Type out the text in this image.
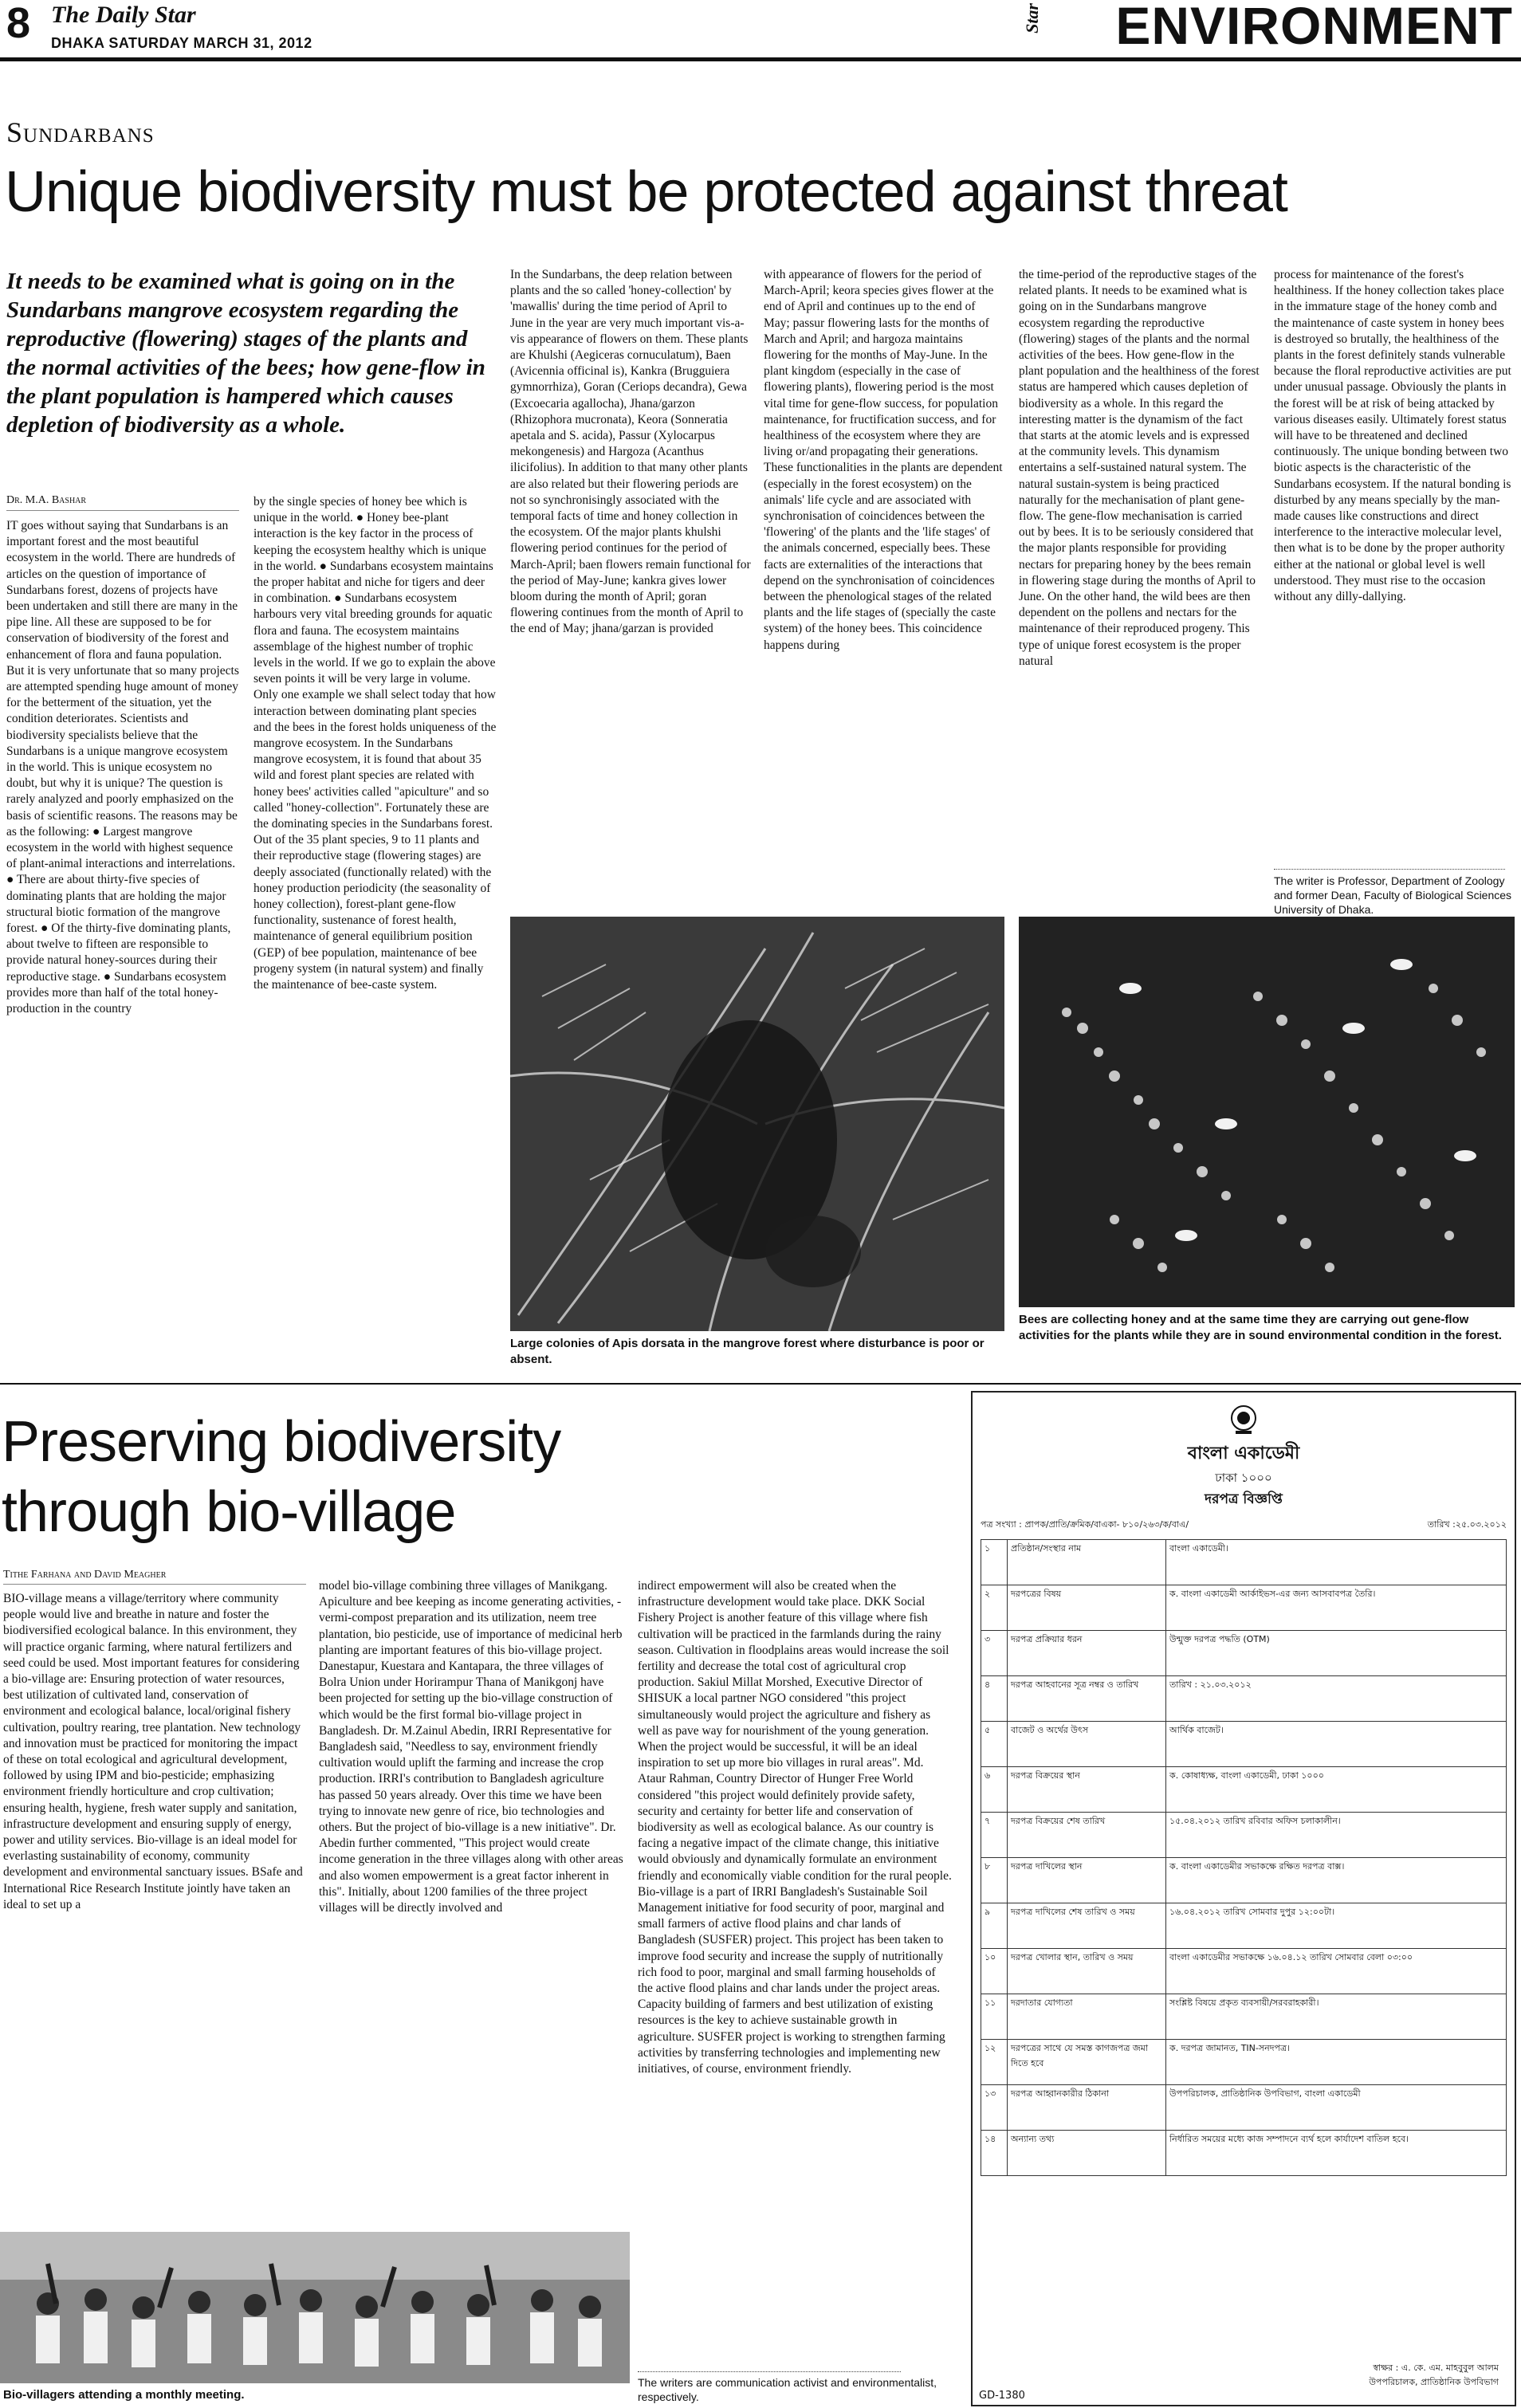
8 The Daily Star
DHAKA SATURDAY MARCH 31, 2012
Star ENVIRONMENT
Sundarbans
Unique biodiversity must be protected against threat
It needs to be examined what is going on in the Sundarbans mangrove ecosystem regarding the reproductive (flowering) stages of the plants and the normal activities of the bees; how gene-flow in the plant population is hampered which causes depletion of biodiversity as a whole.
Dr. M.A. Bashar
IT goes without saying that Sundarbans is an important forest and the most beautiful ecosystem in the world. There are hundreds of articles on the question of importance of Sundarbans forest, dozens of projects have been undertaken and still there are many in the pipe line. All these are supposed to be for conservation of biodiversity of the forest and enhancement of flora and fauna population. But it is very unfortunate that so many projects are attempted spending huge amount of money for the betterment of the situation, yet the condition deteriorates. Scientists and biodiversity specialists believe that the Sundarbans is a unique mangrove ecosystem in the world. This is unique ecosystem no doubt, but why it is unique? The question is rarely analyzed and poorly emphasized on the basis of scientific reasons. The reasons may be as the following: ● Largest mangrove ecosystem in the world with highest sequence of plant-animal interactions and interrelations. ● There are about thirty-five species of dominating plants that are holding the major structural biotic formation of the mangrove forest. ● Of the thirty-five dominating plants, about twelve to fifteen are responsible to provide natural honey-sources during their reproductive stage. ● Sundarbans ecosystem provides more than half of the total honey-production in the country
by the single species of honey bee which is unique in the world. ● Honey bee-plant interaction is the key factor in the process of keeping the ecosystem healthy which is unique in the world. ● Sundarbans ecosystem maintains the proper habitat and niche for tigers and deer in combination. ● Sundarbans ecosystem harbours very vital breeding grounds for aquatic flora and fauna. The ecosystem maintains assemblage of the highest number of trophic levels in the world. If we go to explain the above seven points it will be very large in volume. Only one example we shall select today that how interaction between dominating plant species and the bees in the forest holds uniqueness of the mangrove ecosystem. In the Sundarbans mangrove ecosystem, it is found that about 35 wild and forest plant species are related with honey bees' activities called "apiculture" and so called "honey-collection". Fortunately these are the dominating species in the Sundarbans forest. Out of the 35 plant species, 9 to 11 plants and their reproductive stage (flowering stages) are deeply associated (functionally related) with the honey production periodicity (the seasonality of honey collection), forest-plant gene-flow functionality, sustenance of forest health, maintenance of general equilibrium position (GEP) of bee population, maintenance of bee progeny system (in natural system) and finally the maintenance of bee-caste system.
In the Sundarbans, the deep relation between plants and the so called 'honey-collection' by 'mawallis' during the time period of April to June in the year are very much important vis-a-vis appearance of flowers on them. These plants are Khulshi (Aegiceras cornuculatum), Baen (Avicennia officinal is), Kankra (Brugguiera gymnorrhiza), Goran (Ceriops decandra), Gewa (Excoecaria agallocha), Jhana/garzon (Rhizophora mucronata), Keora (Sonneratia apetala and S. acida), Passur (Xylocarpus mekongenesis) and Hargoza (Acanthus ilicifolius). In addition to that many other plants are also related but their flowering periods are not so synchronisingly associated with the temporal facts of time and honey collection in the ecosystem. Of the major plants khulshi flowering period continues for the period of March-April; baen flowers remain functional for the period of May-June; kankra gives lower bloom during the month of April; goran flowering continues from the month of April to the end of May; jhana/garzan is provided
with appearance of flowers for the period of March-April; keora species gives flower at the end of April and continues up to the end of May; passur flowering lasts for the months of March and April; and hargoza maintains flowering for the months of May-June. In the plant kingdom (especially in the case of flowering plants), flowering period is the most vital time for gene-flow success, for population maintenance, for fructification success, and for healthiness of the ecosystem where they are living or/and propagating their generations. These functionalities in the plants are dependent (especially in the forest ecosystem) on the animals' life cycle and are associated with synchronisation of coincidences between the 'flowering' of the plants and the 'life stages' of the animals concerned, especially bees. These facts are externalities of the interactions that depend on the synchronisation of coincidences between the phenological stages of the related plants and the life stages of (specially the caste system) of the honey bees. This coincidence happens during
the time-period of the reproductive stages of the related plants. It needs to be examined what is going on in the Sundarbans mangrove ecosystem regarding the reproductive (flowering) stages of the plants and the normal activities of the bees. How gene-flow in the plant population and the healthiness of the forest status are hampered which causes depletion of biodiversity as a whole. In this regard the interesting matter is the dynamism of the fact that starts at the atomic levels and is expressed at the community levels. This dynamism entertains a self-sustained natural system. The natural sustain-system is being practiced naturally for the mechanisation of plant gene-flow. The gene-flow mechanisation is carried out by bees. It is to be seriously considered that the major plants responsible for providing nectars for preparing honey by the bees remain in flowering stage during the months of April to June. On the other hand, the wild bees are then dependent on the pollens and nectars for the maintenance of their reproduced progeny. This type of unique forest ecosystem is the proper natural
process for maintenance of the forest's healthiness. If the honey collection takes place in the immature stage of the honey comb and the maintenance of caste system in honey bees is destroyed so brutally, the healthiness of the plants in the forest definitely stands vulnerable because the floral reproductive activities are put under unusual passage. Obviously the plants in the forest will be at risk of being attacked by various diseases easily. Ultimately forest status will have to be threatened and declined continuously. The unique bonding between two biotic aspects is the characteristic of the Sundarbans ecosystem. If the natural bonding is disturbed by any means specially by the man-made causes like constructions and direct interference to the interactive molecular level, then what is to be done by the proper authority either at the national or global level is well understood. They must rise to the occasion without any dilly-dallying.
The writer is Professor, Department of Zoology and former Dean, Faculty of Biological Sciences University of Dhaka.
Large colonies of Apis dorsata in the mangrove forest where disturbance is poor or absent.
Bees are collecting honey and at the same time they are carrying out gene-flow activities for the plants while they are in sound environmental condition in the forest.
Preserving biodiversity
through bio-village
Tithe Farhana and David Meagher
BIO-village means a village/territory where community people would live and breathe in nature and foster the biodiversified ecological balance. In this environment, they will practice organic farming, where natural fertilizers and seed could be used. Most important features for considering a bio-village are: Ensuring protection of water resources, best utilization of cultivated land, conservation of environment and ecological balance, local/original fishery cultivation, poultry rearing, tree plantation. New technology and innovation must be practiced for monitoring the impact of these on total ecological and agricultural development, followed by using IPM and bio-pesticide; emphasizing environment friendly horticulture and crop cultivation; ensuring health, hygiene, fresh water supply and sanitation, infrastructure development and ensuring supply of energy, power and utility services. Bio-village is an ideal model for everlasting sustainability of economy, community development and environmental sanctuary issues. BSafe and International Rice Research Institute jointly have taken an ideal to set up a
model bio-village combining three villages of Manikgang. Apiculture and bee keeping as income generating activities, -vermi-compost preparation and its utilization, neem tree plantation, bio pesticide, use of importance of medicinal herb planting are important features of this bio-village project. Danestapur, Kuestara and Kantapara, the three villages of Bolra Union under Horirampur Thana of Manikgonj have been projected for setting up the bio-village construction of which would be the first formal bio-village project in Bangladesh. Dr. M.Zainul Abedin, IRRI Representative for Bangladesh said, "Needless to say, environment friendly cultivation would uplift the farming and increase the crop production. IRRI's contribution to Bangladesh agriculture has passed 50 years already. Over this time we have been trying to innovate new genre of rice, bio technologies and others. But the project of bio-village is a new initiative". Dr. Abedin further commented, "This project would create income generation in the three villages along with other areas and also women empowerment is a great factor inherent in this". Initially, about 1200 families of the three project villages will be directly involved and
indirect empowerment will also be created when the infrastructure development would take place. DKK Social Fishery Project is another feature of this village where fish cultivation will be practiced in the farmlands during the rainy season. Cultivation in floodplains areas would increase the soil fertility and decrease the total cost of agricultural crop production. Sakiul Millat Morshed, Executive Director of SHISUK a local partner NGO considered "this project simultaneously would project the agriculture and fishery as well as pave way for nourishment of the young generation. When the project would be successful, it will be an ideal inspiration to set up more bio villages in rural areas". Md. Ataur Rahman, Country Director of Hunger Free World considered "this project would definitely provide safety, security and certainty for better life and conservation of biodiversity as well as ecological balance. As our country is facing a negative impact of the climate change, this initiative would obviously and dynamically formulate an environment friendly and economically viable condition for the rural people. Bio-village is a part of IRRI Bangladesh's Sustainable Soil Management initiative for food security of poor, marginal and small farmers of active flood plains and char lands of Bangladesh (SUSFER) project. This project has been taken to improve food security and increase the supply of nutritionally rich food to poor, marginal and small farming households of the active flood plains and char lands under the project areas. Capacity building of farmers and best utilization of existing resources is the key to achieve sustainable growth in agriculture. SUSFER project is working to strengthen farming activities by transferring technologies and implementing new initiatives, of course, environment friendly.
The writers are communication activist and environmentalist, respectively.
Bio-villagers attending a monthly meeting.
বাংলা একাডেমী
ঢাকা ১০০০
দরপত্র বিজ্ঞপ্তি
পত্র সংখ্যা : প্রাপক/প্রাতি/ক্রমিক/বাএকা- ৮১০/২৬৩/ক/বাএ/	তারিখ :২৫.০৩.২০১২
১	প্রতিষ্ঠান/সংস্থার নাম	বাংলা একাডেমী।
২	দরপত্রের বিষয়	ক. বাংলা একাডেমী আর্কাইভস-এর জন্য আসবাবপত্র তৈরি।
৩	দরপত্র প্রক্রিয়ার ধরন	উন্মুক্ত দরপত্র পদ্ধতি (OTM)
৪	দরপত্র আহবানের সূত্র নম্বর ও তারিখ	তারিখ : ২১.০৩.২০১২
৫	বাজেট ও অর্থের উৎস	আর্থিক বাজেট।
৬	দরপত্র বিক্রয়ের স্থান	ক. কোষাধ্যক্ষ, বাংলা একাডেমী, ঢাকা ১০০০
৭	দরপত্র বিক্রয়ের শেষ তারিখ	১৫.০৪.২০১২ তারিখ রবিবার অফিস চলাকালীন।
৮	দরপত্র দাখিলের স্থান	ক. বাংলা একাডেমীর সভাকক্ষে রক্ষিত দরপত্র বাক্স।
৯	দরপত্র দাখিলের শেষ তারিখ ও সময়	১৬.০৪.২০১২ তারিখ সোমবার দুপুর ১২:০০টা।
১০	দরপত্র খোলার স্থান, তারিখ ও সময়	বাংলা একাডেমীর সভাকক্ষে ১৬.০৪.১২ তারিখ সোমবার বেলা ০৩:০০
১১	দরদাতার যোগ্যতা	সংশ্লিষ্ট বিষয়ে প্রকৃত ব্যবসায়ী/সরবরাহকারী।
১২	দরপত্রের সাথে যে সমস্ত কাগজপত্র জমা দিতে হবে	ক. দরপত্র জামানত, TIN-সনদপত্র।
১৩	দরপত্র আহ্বানকারীর ঠিকানা	উপপরিচালক, প্রাতিষ্ঠানিক উপবিভাগ, বাংলা একাডেমী
১৪	অন্যান্য তথ্য	নির্ধারিত সময়ের মধ্যে কাজ সম্পাদনে ব্যর্থ হলে কার্যাদেশ বাতিল হবে।
স্বাক্ষর : এ. কে. এম. মাহবুবুল আলম
উপপরিচালক, প্রাতিষ্ঠানিক উপবিভাগ
GD-1380
